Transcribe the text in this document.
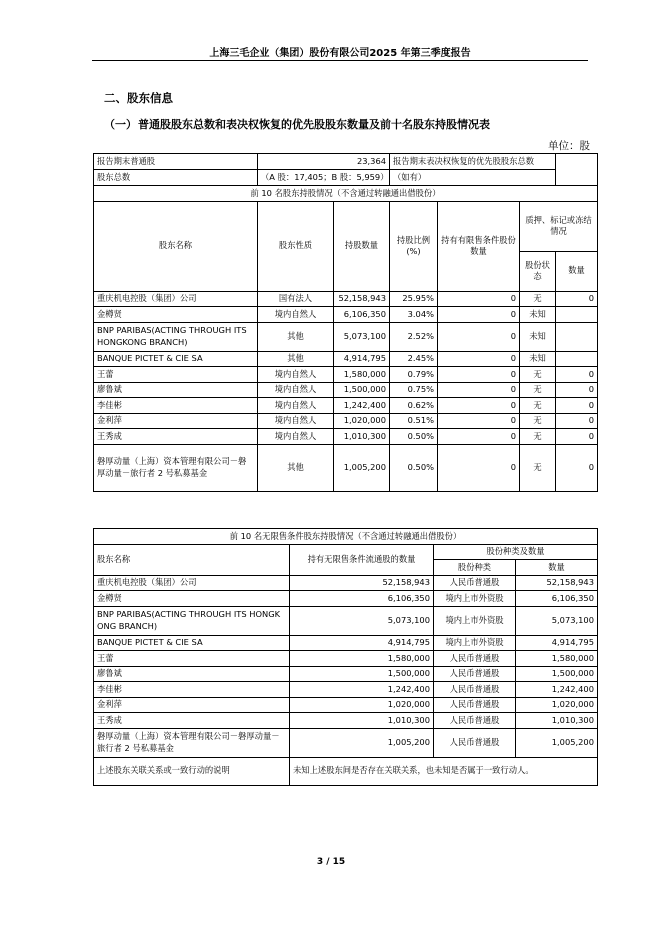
上海三毛企业（集团）股份有限公司2025 年第三季度报告
二、股东信息
（一）普通股股东总数和表决权恢复的优先股股东数量及前十名股东持股情况表
单位：股
报告期末普通股	23,364		报告期末表决权恢复的优先股股东总数			
股东总数	（A 股：17,405；B 股：5,959）		（如有）			
前 10 名股东持股情况（不含通过转融通出借股份）						
股东名称	股东性质	持股数量	持股比例(%)	持有有限售条件股份数量	质押、标记或冻结情况	
					股份状态	数量
重庆机电控股（集团）公司	国有法人	52,158,943	25.95%	0	无	0
金樽贤	境内自然人	6,106,350	3.04%	0	未知	
BNP PARIBAS(ACTING THROUGH ITS HONGKONG BRANCH)	其他	5,073,100	2.52%	0	未知	
BANQUE PICTET & CIE SA	其他	4,914,795	2.45%	0	未知	
王蕾	境内自然人	1,580,000	0.79%	0	无	0
廖鲁斌	境内自然人	1,500,000	0.75%	0	无	0
李佳彬	境内自然人	1,242,400	0.62%	0	无	0
金利萍	境内自然人	1,020,000	0.51%	0	无	0
王秀成	境内自然人	1,010,300	0.50%	0	无	0
磐厚动量（上海）资本管理有限公司－磐厚动量－旅行者 2 号私募基金	其他	1,005,200	0.50%	0	无	0
前 10 名无限售条件股东持股情况（不含通过转融通出借股份）			
股东名称	持有无限售条件流通股的数量	股份种类及数量	
		股份种类	数量
重庆机电控股（集团）公司	52,158,943	人民币普通股	52,158,943
金樽贤	6,106,350	境内上市外资股	6,106,350
BNP PARIBAS(ACTING THROUGH ITS HONGKONG BRANCH)	5,073,100	境内上市外资股	5,073,100
BANQUE PICTET & CIE SA	4,914,795	境内上市外资股	4,914,795
王蕾	1,580,000	人民币普通股	1,580,000
廖鲁斌	1,500,000	人民币普通股	1,500,000
李佳彬	1,242,400	人民币普通股	1,242,400
金利萍	1,020,000	人民币普通股	1,020,000
王秀成	1,010,300	人民币普通股	1,010,300
磐厚动量（上海）资本管理有限公司－磐厚动量－旅行者 2 号私募基金	1,005,200	人民币普通股	1,005,200
上述股东关联关系或一致行动的说明	未知上述股东间是否存在关联关系，也未知是否属于一致行动人。		
3 / 15
